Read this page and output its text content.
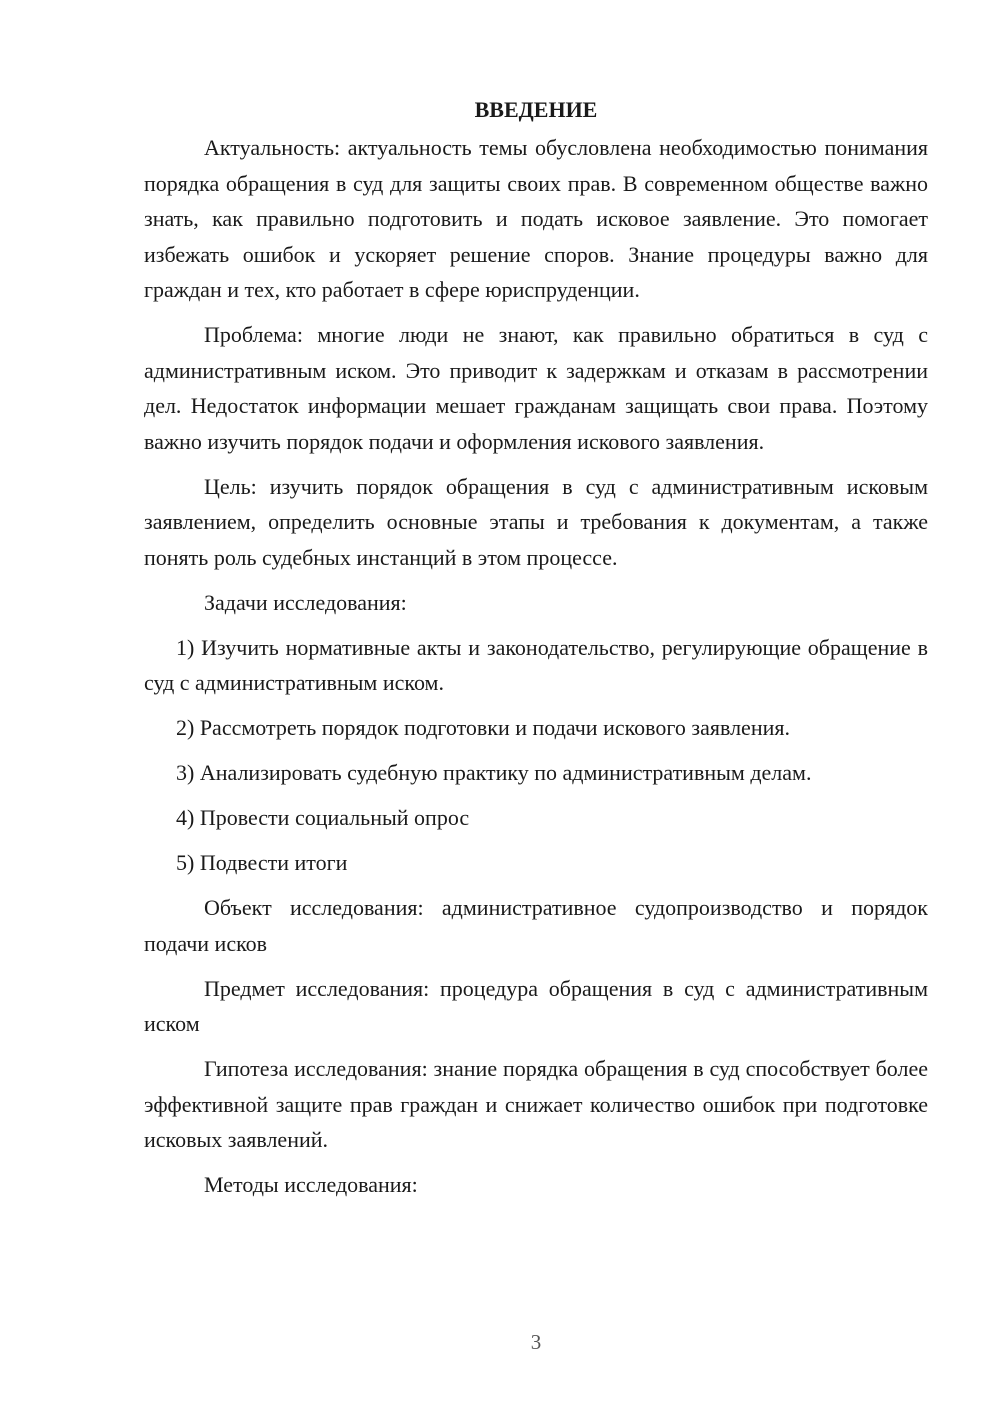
ВВЕДЕНИЕ

Актуальность: актуальность темы обусловлена необходимостью понимания порядка обращения в суд для защиты своих прав. В современном обществе важно знать, как правильно подготовить и подать исковое заявление. Это помогает избежать ошибок и ускоряет решение споров. Знание процедуры важно для граждан и тех, кто работает в сфере юриспруденции.

Проблема: многие люди не знают, как правильно обратиться в суд с административным иском. Это приводит к задержкам и отказам в рассмотрении дел. Недостаток информации мешает гражданам защищать свои права. Поэтому важно изучить порядок подачи и оформления искового заявления.

Цель: изучить порядок обращения в суд с административным исковым заявлением, определить основные этапы и требования к документам, а также понять роль судебных инстанций в этом процессе.

Задачи исследования:

1) Изучить нормативные акты и законодательство, регулирующие обращение в суд с административным иском.

2) Рассмотреть порядок подготовки и подачи искового заявления.

3) Анализировать судебную практику по административным делам.

4) Провести социальный опрос

5) Подвести итоги

Объект исследования: административное судопроизводство и порядок подачи исков

Предмет исследования: процедура обращения в суд с административным иском

Гипотеза исследования: знание порядка обращения в суд способствует более эффективной защите прав граждан и снижает количество ошибок при подготовке исковых заявлений.

Методы исследования:

3
